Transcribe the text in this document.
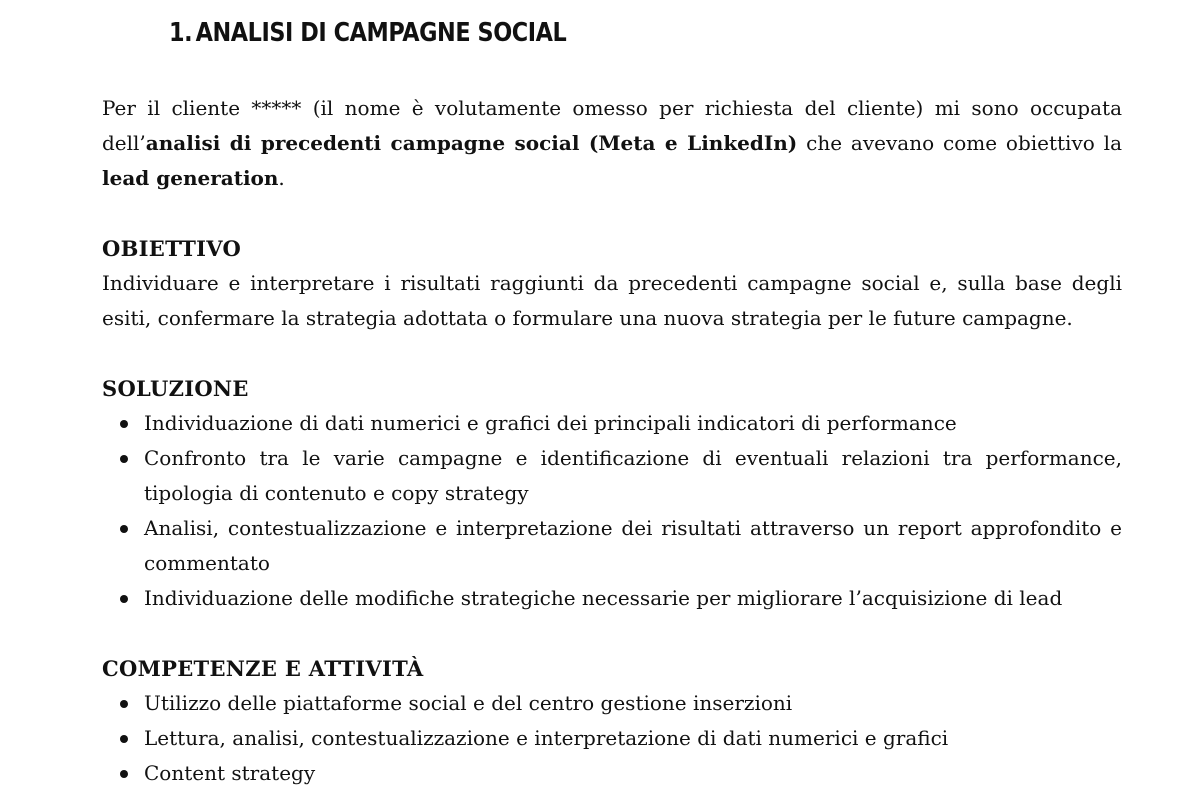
1. ANALISI DI CAMPAGNE SOCIAL

Per il cliente ***** (il nome è volutamente omesso per richiesta del cliente) mi sono occupata dell’analisi di precedenti campagne social (Meta e LinkedIn) che avevano come obiettivo la lead generation.

OBIETTIVO

Individuare e interpretare i risultati raggiunti da precedenti campagne social e, sulla base degli esiti, confermare la strategia adottata o formulare una nuova strategia per le future campagne.

SOLUZIONE
Individuazione di dati numerici e grafici dei principali indicatori di performance
Confronto tra le varie campagne e identificazione di eventuali relazioni tra performance, tipologia di contenuto e copy strategy
Analisi, contestualizzazione e interpretazione dei risultati attraverso un report approfondito e commentato
Individuazione delle modifiche strategiche necessarie per migliorare l’acquisizione di lead
COMPETENZE E ATTIVITÀ
Utilizzo delle piattaforme social e del centro gestione inserzioni
Lettura, analisi, contestualizzazione e interpretazione di dati numerici e grafici
Content strategy
